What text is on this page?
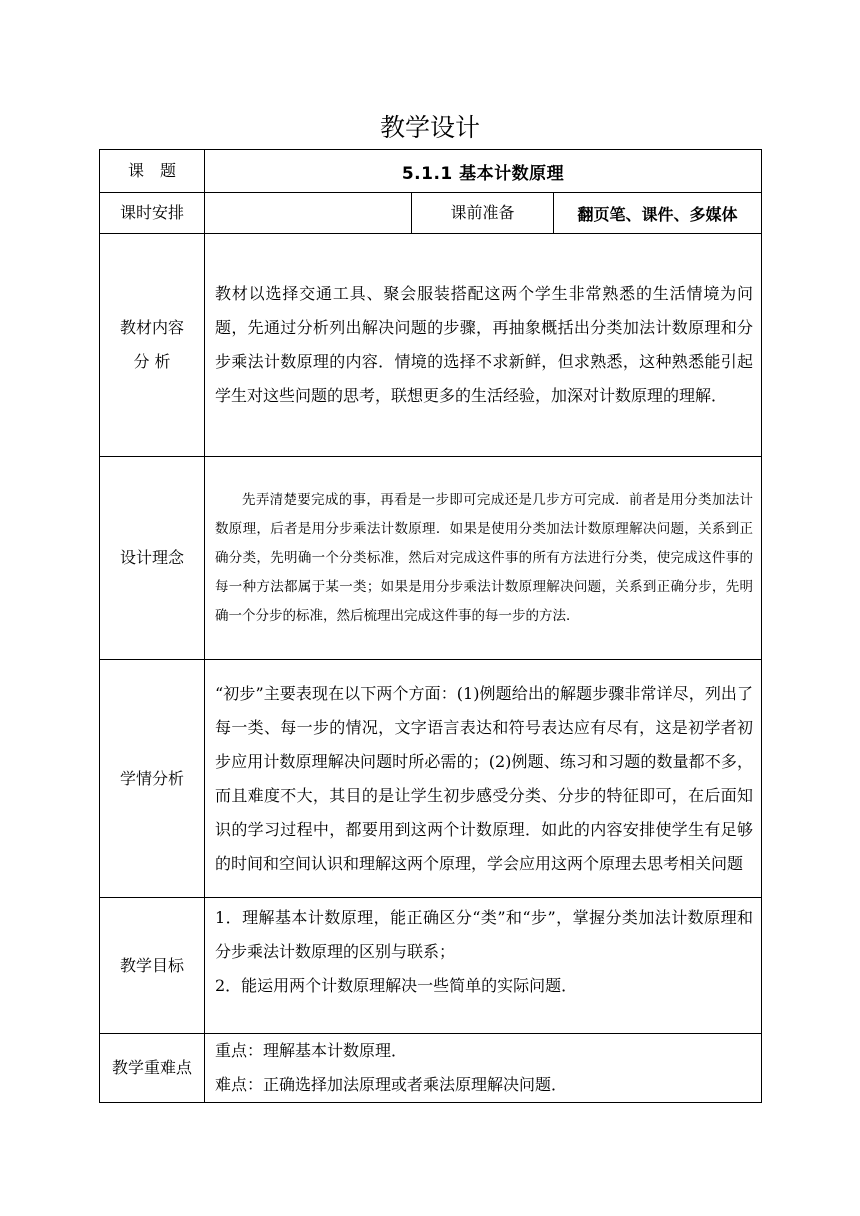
教学设计
课　题	5.1.1 基本计数原理		
课时安排		课前准备	翻页笔、课件、多媒体

教材内容
分 析	教材以选择交通工具、聚会服装搭配这两个学生非常熟悉的生活情境为问题，先通过分析列出解决问题的步骤，再抽象概括出分类加法计数原理和分步乘法计数原理的内容．情境的选择不求新鲜，但求熟悉，这种熟悉能引起学生对这些问题的思考，联想更多的生活经验，加深对计数原理的理解．		
设计理念	先弄清楚要完成的事，再看是一步即可完成还是几步方可完成．前者是用分类加法计数原理，后者是用分步乘法计数原理．如果是使用分类加法计数原理解决问题，关系到正确分类，先明确一个分类标准，然后对完成这件事的所有方法进行分类，使完成这件事的每一种方法都属于某一类；如果是用分步乘法计数原理解决问题，关系到正确分步，先明确一个分步的标准，然后梳理出完成这件事的每一步的方法．		
学情分析	“初步”主要表现在以下两个方面：(1)例题给出的解题步骤非常详尽，列出了每一类、每一步的情况，文字语言表达和符号表达应有尽有，这是初学者初步应用计数原理解决问题时所必需的；(2)例题、练习和习题的数量都不多，而且难度不大，其目的是让学生初步感受分类、分步的特征即可，在后面知识的学习过程中，都要用到这两个计数原理．如此的内容安排使学生有足够的时间和空间认识和理解这两个原理，学会应用这两个原理去思考相关问题		
教学目标	1．理解基本计数原理，能正确区分“类”和“步”，掌握分类加法计数原理和分步乘法计数原理的区别与联系；
2．能运用两个计数原理解决一些简单的实际问题．		

教学重难点	重点：理解基本计数原理．
难点：正确选择加法原理或者乘法原理解决问题．		
